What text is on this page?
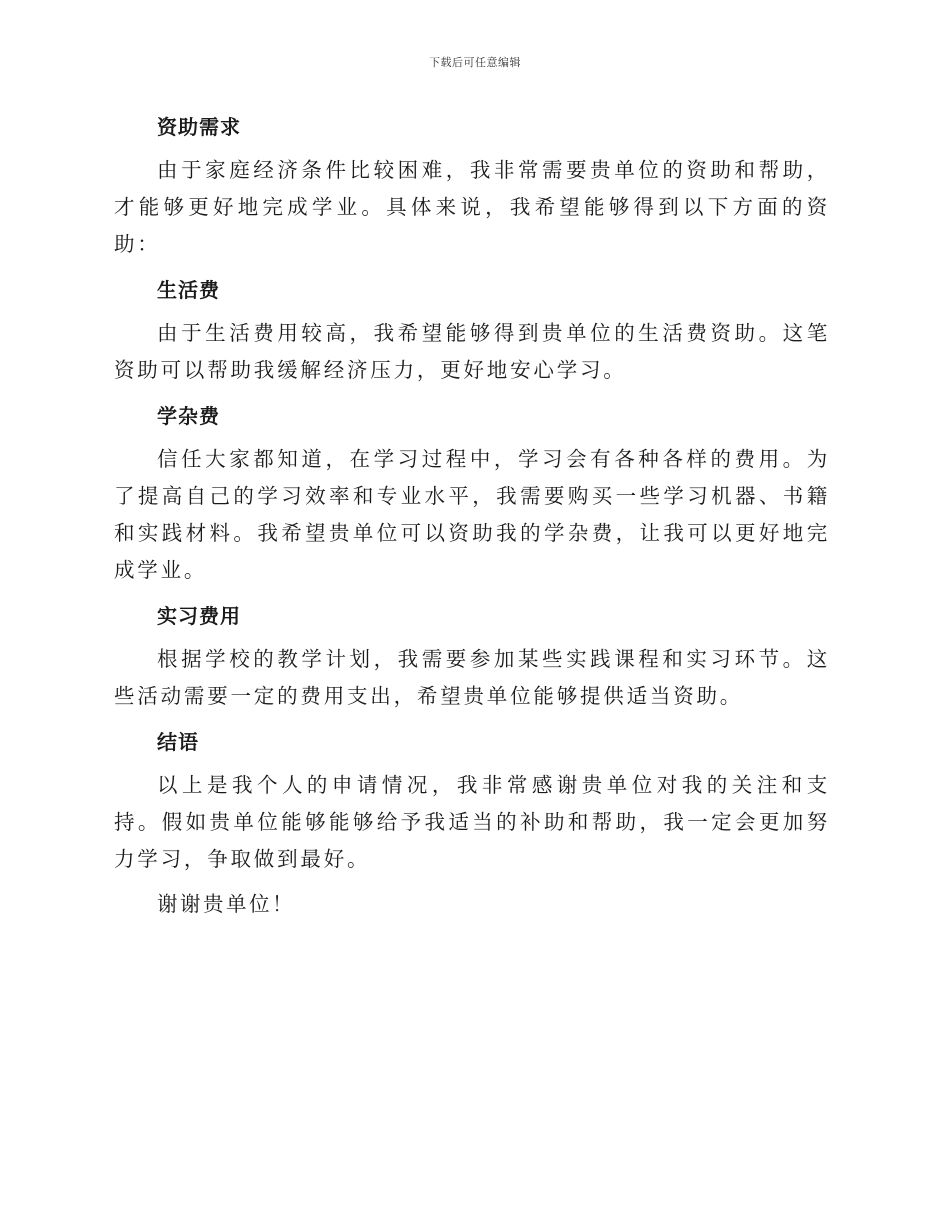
下载后可任意编辑
资助需求

由于家庭经济条件比较困难，我非常需要贵单位的资助和帮助，才能够更好地完成学业。具体来说，我希望能够得到以下方面的资助：

生活费

由于生活费用较高，我希望能够得到贵单位的生活费资助。这笔资助可以帮助我缓解经济压力，更好地安心学习。

学杂费

信任大家都知道，在学习过程中，学习会有各种各样的费用。为了提高自己的学习效率和专业水平，我需要购买一些学习机器、书籍和实践材料。我希望贵单位可以资助我的学杂费，让我可以更好地完成学业。

实习费用

根据学校的教学计划，我需要参加某些实践课程和实习环节。这些活动需要一定的费用支出，希望贵单位能够提供适当资助。

结语

以上是我个人的申请情况，我非常感谢贵单位对我的关注和支持。假如贵单位能够能够给予我适当的补助和帮助，我一定会更加努力学习，争取做到最好。

谢谢贵单位！
